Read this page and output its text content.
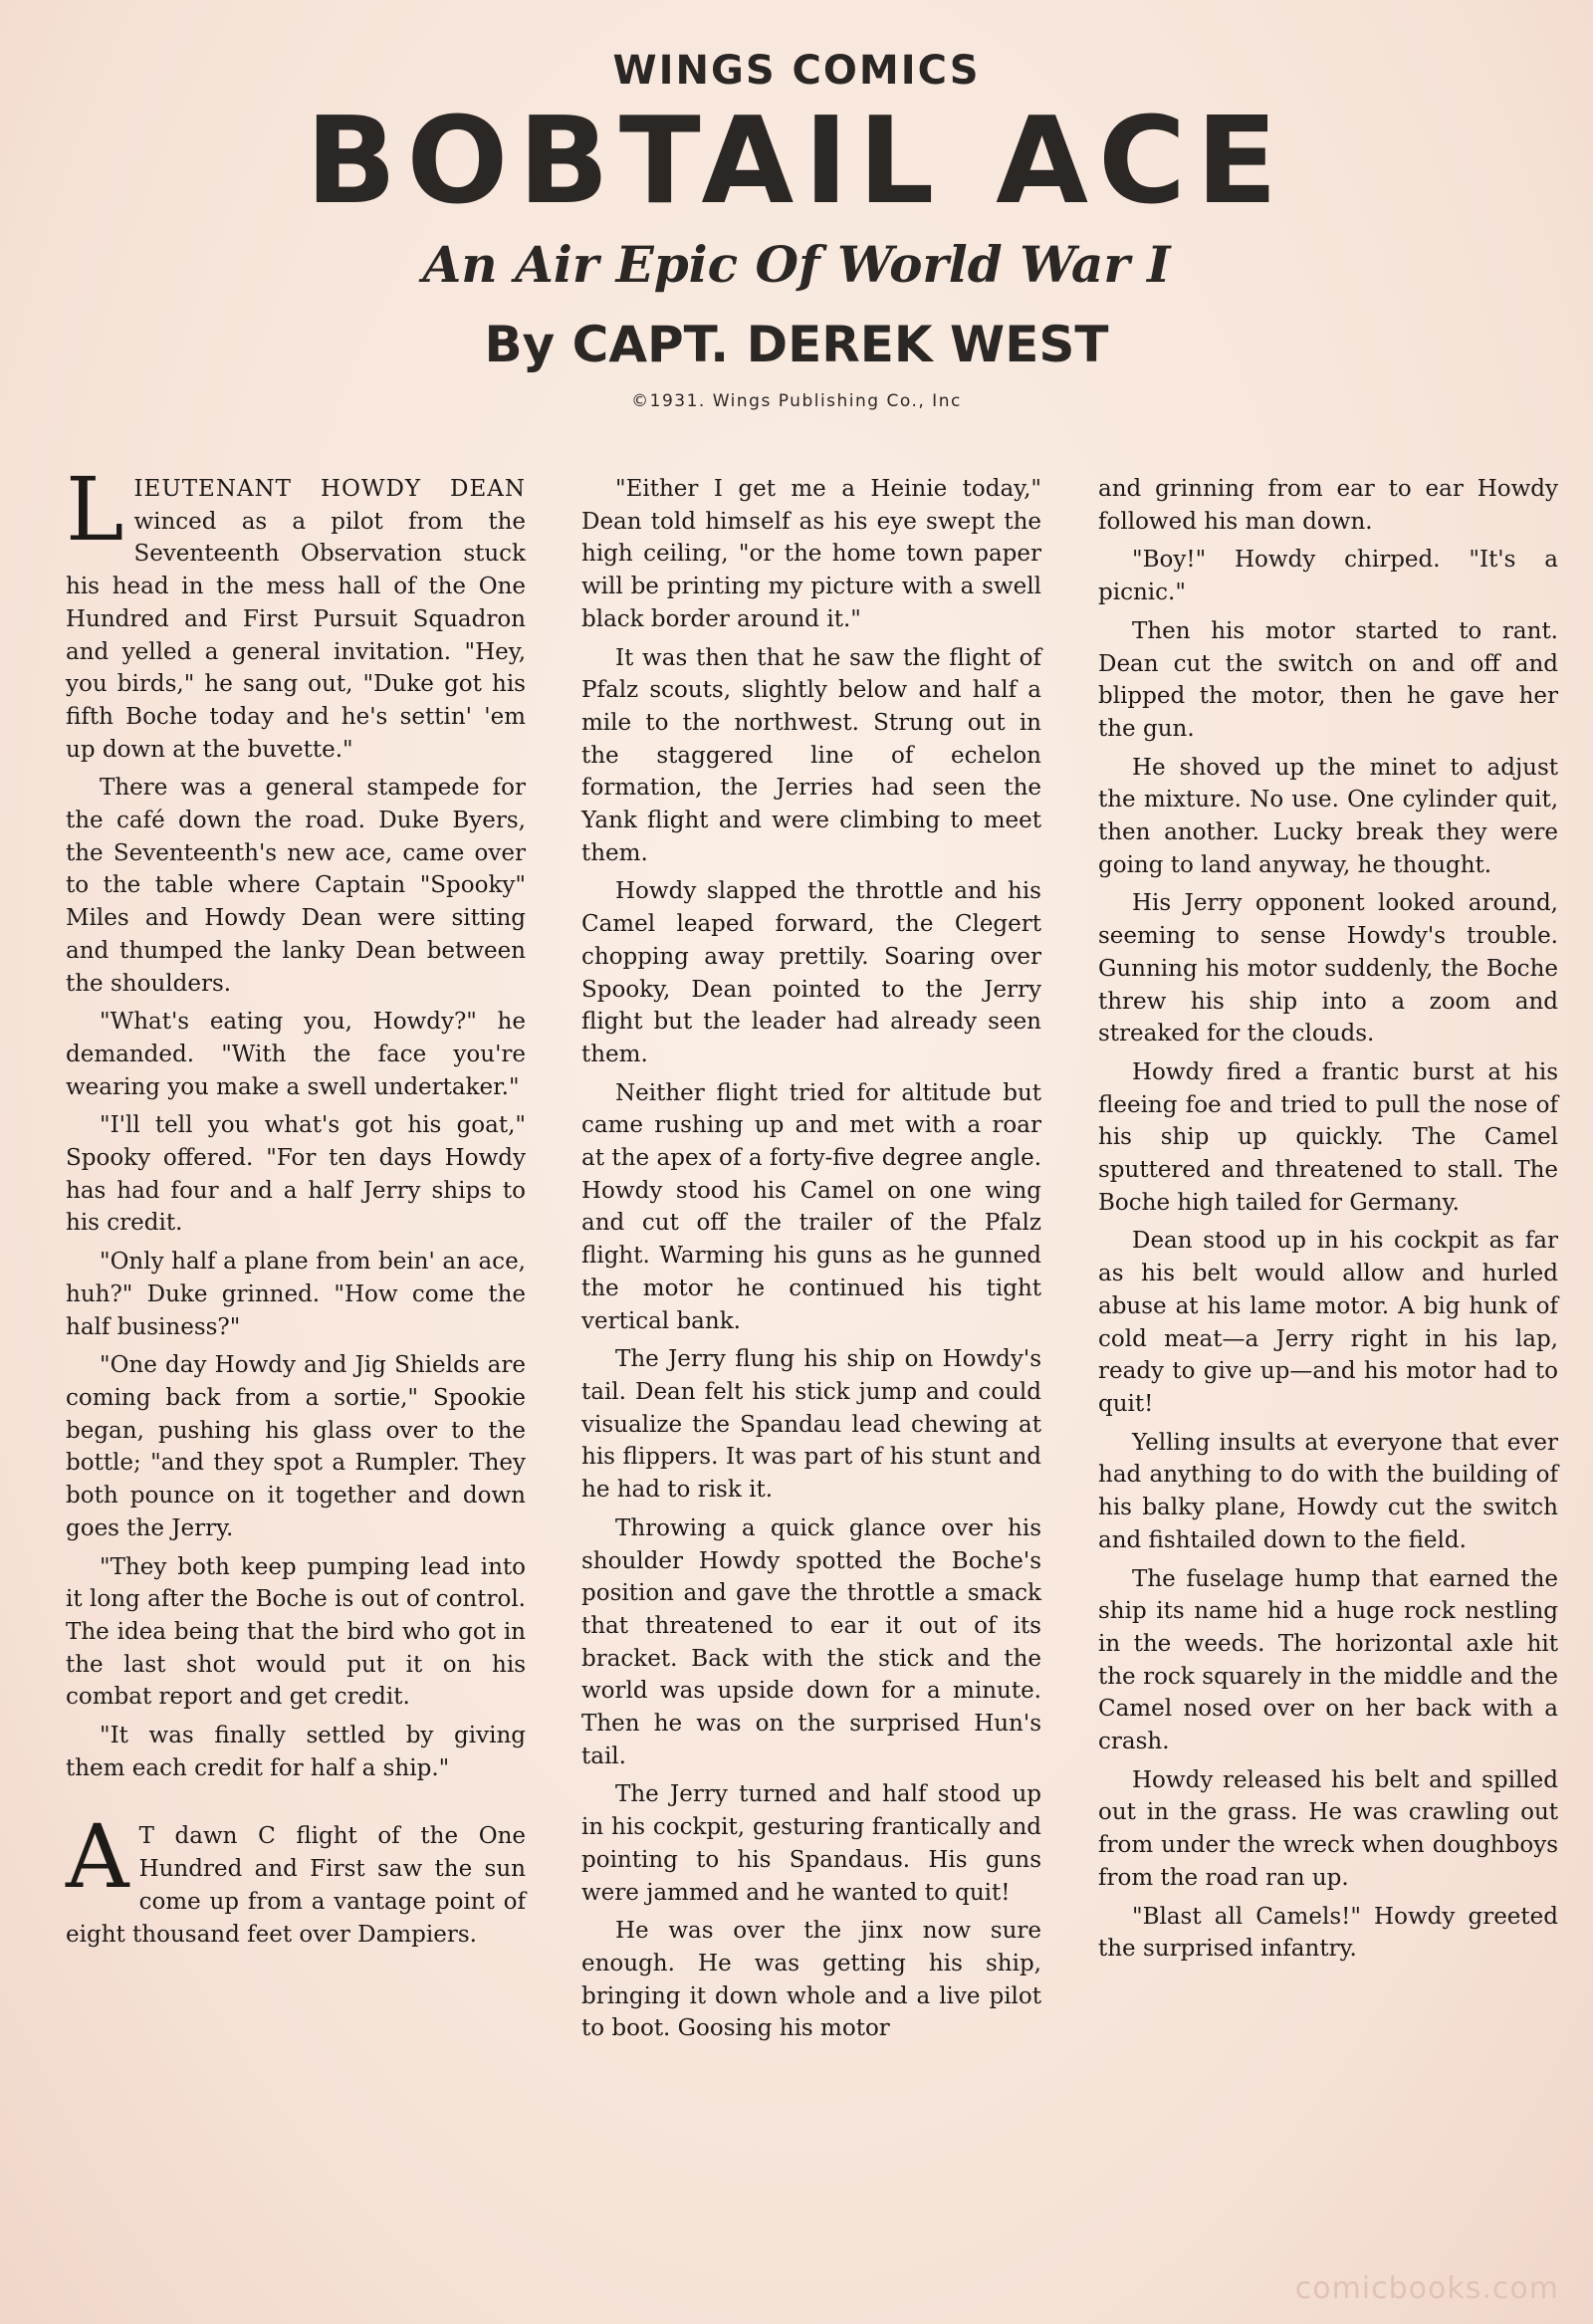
WINGS COMICS
BOBTAIL ACE
An Air Epic Of World War I
By CAPT. DEREK WEST
©1931. Wings Publishing Co., Inc

LIEUTENANT HOWDY DEAN winced as a pilot from the Seventeenth Observation stuck his head in the mess hall of the One Hundred and First Pursuit Squadron and yelled a general invitation. "Hey, you birds," he sang out, "Duke got his fifth Boche today and he's settin' 'em up down at the buvette."

There was a general stampede for the café down the road. Duke Byers, the Seventeenth's new ace, came over to the table where Captain "Spooky" Miles and Howdy Dean were sitting and thumped the lanky Dean between the shoulders.

"What's eating you, Howdy?" he demanded. "With the face you're wearing you make a swell undertaker."

"I'll tell you what's got his goat," Spooky offered. "For ten days Howdy has had four and a half Jerry ships to his credit.

"Only half a plane from bein' an ace, huh?" Duke grinned. "How come the half business?"

"One day Howdy and Jig Shields are coming back from a sortie," Spookie began, pushing his glass over to the bottle; "and they spot a Rumpler. They both pounce on it together and down goes the Jerry.

"They both keep pumping lead into it long after the Boche is out of control. The idea being that the bird who got in the last shot would put it on his combat report and get credit.

"It was finally settled by giving them each credit for half a ship."

A T dawn C flight of the One Hundred and First saw the sun come up from a vantage point of eight thousand feet over Dampiers.

"Either I get me a Heinie today," Dean told himself as his eye swept the high ceiling, "or the home town paper will be printing my picture with a swell black border around it."

It was then that he saw the flight of Pfalz scouts, slightly below and half a mile to the northwest. Strung out in the staggered line of echelon formation, the Jerries had seen the Yank flight and were climbing to meet them.

Howdy slapped the throttle and his Camel leaped forward, the Clegert chopping away prettily. Soaring over Spooky, Dean pointed to the Jerry flight but the leader had already seen them.

Neither flight tried for altitude but came rushing up and met with a roar at the apex of a forty-five degree angle. Howdy stood his Camel on one wing and cut off the trailer of the Pfalz flight. Warming his guns as he gunned the motor he continued his tight vertical bank.

The Jerry flung his ship on Howdy's tail. Dean felt his stick jump and could visualize the Spandau lead chewing at his flippers. It was part of his stunt and he had to risk it.

Throwing a quick glance over his shoulder Howdy spotted the Boche's position and gave the throttle a smack that threatened to ear it out of its bracket. Back with the stick and the world was upside down for a minute. Then he was on the surprised Hun's tail.

The Jerry turned and half stood up in his cockpit, gesturing frantically and pointing to his Spandaus. His guns were jammed and he wanted to quit!

He was over the jinx now sure enough. He was getting his ship, bringing it down whole and a live pilot to boot. Goosing his motor

and grinning from ear to ear Howdy followed his man down.

"Boy!" Howdy chirped. "It's a picnic."

Then his motor started to rant. Dean cut the switch on and off and blipped the motor, then he gave her the gun.

He shoved up the minet to adjust the mixture. No use. One cylinder quit, then another. Lucky break they were going to land anyway, he thought.

His Jerry opponent looked around, seeming to sense Howdy's trouble. Gunning his motor suddenly, the Boche threw his ship into a zoom and streaked for the clouds.

Howdy fired a frantic burst at his fleeing foe and tried to pull the nose of his ship up quickly. The Camel sputtered and threatened to stall. The Boche high tailed for Germany.

Dean stood up in his cockpit as far as his belt would allow and hurled abuse at his lame motor. A big hunk of cold meat—a Jerry right in his lap, ready to give up—and his motor had to quit!

Yelling insults at everyone that ever had anything to do with the building of his balky plane, Howdy cut the switch and fishtailed down to the field.

The fuselage hump that earned the ship its name hid a huge rock nestling in the weeds. The horizontal axle hit the rock squarely in the middle and the Camel nosed over on her back with a crash.

Howdy released his belt and spilled out in the grass. He was crawling out from under the wreck when doughboys from the road ran up.

"Blast all Camels!" Howdy greeted the surprised infantry.

comicbooks.com
